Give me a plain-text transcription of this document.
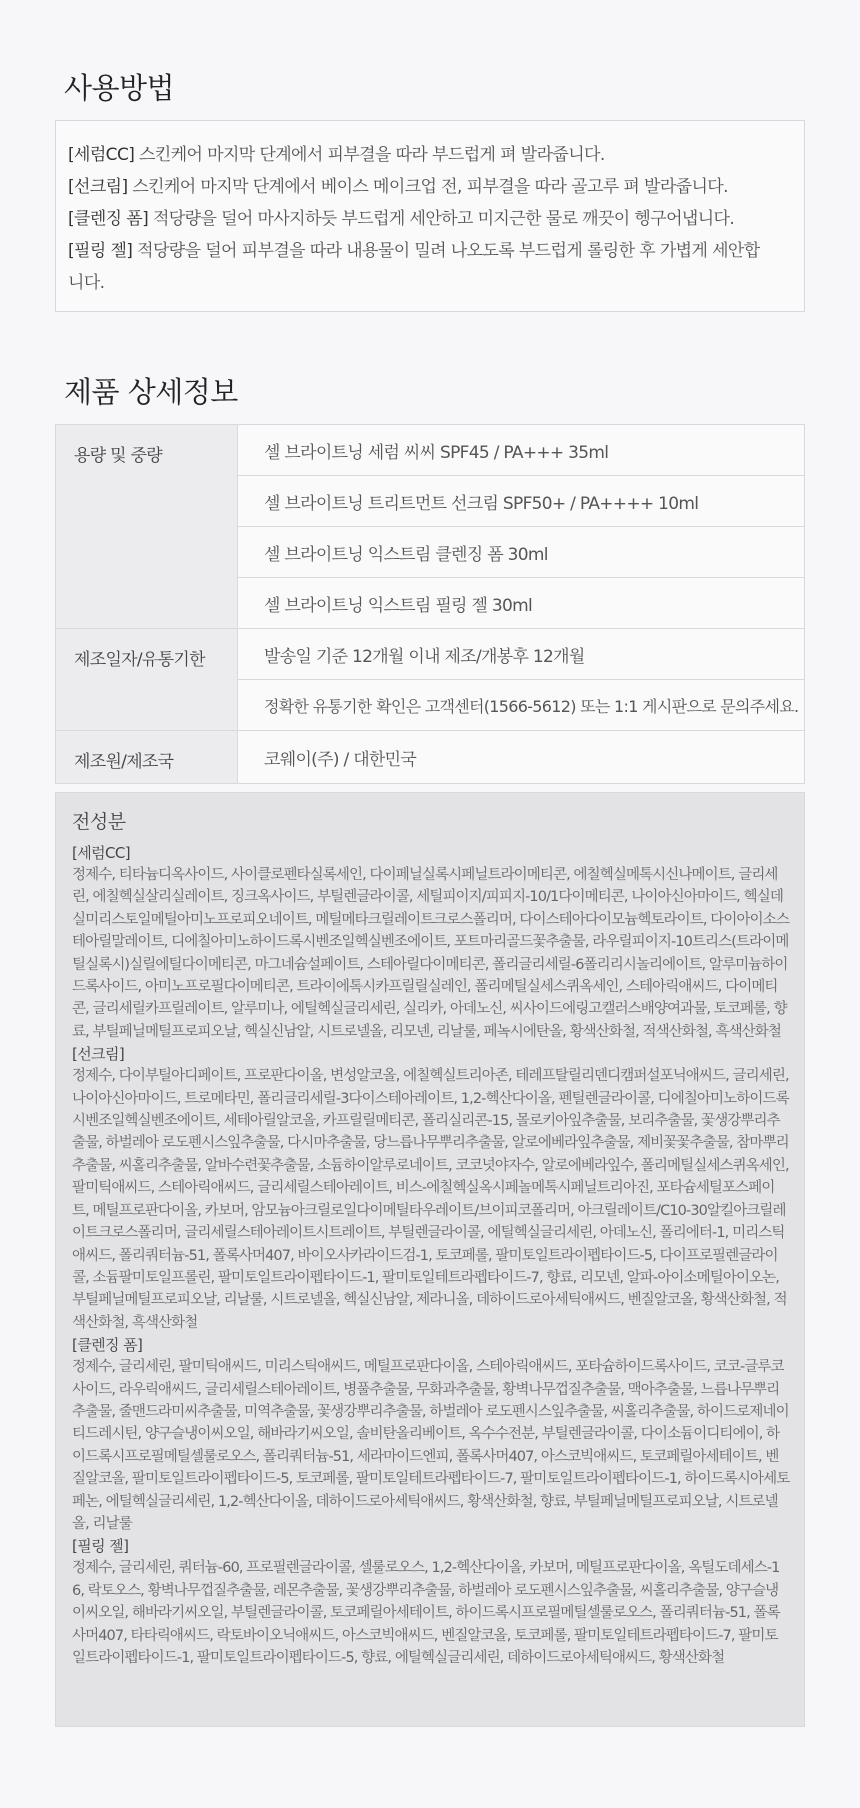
사용방법
[세럼CC] 스킨케어 마지막 단계에서 피부결을 따라 부드럽게 펴 발라줍니다.
[선크림] 스킨케어 마지막 단계에서 베이스 메이크업 전, 피부결을 따라 골고루 펴 발라줍니다.
[클렌징 폼] 적당량을 덜어 마사지하듯 부드럽게 세안하고 미지근한 물로 깨끗이 헹구어냅니다.
[필링 젤] 적당량을 덜어 피부결을 따라 내용물이 밀려 나오도록 부드럽게 롤링한 후 가볍게 세안합니다.
제품 상세정보
용량 및 중량	셀 브라이트닝 세럼 씨씨 SPF45 / PA+++ 35ml
	셀 브라이트닝 트리트먼트 선크림 SPF50+ / PA++++ 10ml
	셀 브라이트닝 익스트림 클렌징 폼 30ml
	셀 브라이트닝 익스트림 필링 젤 30ml
제조일자/유통기한	발송일 기준 12개월 이내 제조/개봉후 12개월
	정확한 유통기한 확인은 고객센터(1566-5612) 또는 1:1 게시판으로 문의주세요.
제조원/제조국	코웨이(주) / 대한민국
전성분
[세럼CC]
정제수, 티타늄디옥사이드, 사이클로펜타실록세인, 다이페닐실록시페닐트라이메티콘, 에칠헥실메톡시신나메이트, 글리세린, 에칠헥실살리실레이트, 징크옥사이드, 부틸렌글라이콜, 세틸피이지/피피지-10/1다이메티콘, 나이아신아마이드, 헥실데실미리스토일메틸아미노프로피오네이트, 메틸메타크릴레이트크로스폴리머, 다이스테아다이모늄헥토라이트, 다이아이소스테아릴말레이트, 디에칠아미노하이드록시벤조일헥실벤조에이트, 포트마리골드꽃추출물, 라우릴피이지-10트리스(트라이메틸실록시)실릴에틸다이메티콘, 마그네슘설페이트, 스테아릴다이메티콘, 폴리글리세릴-6폴리리시놀리에이트, 알루미늄하이드록사이드, 아미노프로필다이메티콘, 트라이에톡시카프릴릴실레인, 폴리메틸실세스퀴옥세인, 스테아릭애씨드, 다이메티콘, 글리세릴카프릴레이트, 알루미나, 에틸헥실글리세린, 실리카, 아데노신, 씨사이드에링고캘러스배양여과물, 토코페롤, 향료, 부틸페닐메틸프로피오날, 헥실신남알, 시트로넬올, 리모넨, 리날룰, 페녹시에탄올, 황색산화철, 적색산화철, 흑색산화철
[선크림]
정제수, 다이부틸아디페이트, 프로판다이올, 변성알코올, 에칠헥실트리아존, 테레프탈릴리덴디캠퍼설포닉애씨드, 글리세린, 나이아신아마이드, 트로메타민, 폴리글리세릴-3다이스테아레이트, 1,2-헥산다이올, 펜틸렌글라이콜, 디에칠아미노하이드록시벤조일헥실벤조에이트, 세테아릴알코올, 카프릴릴메티콘, 폴리실리콘-15, 몰로키아잎추출물, 보리추출물, 꽃생강뿌리추출물, 하벌레아 로도펜시스잎추출물, 다시마추출물, 당느릅나무뿌리추출물, 알로에베라잎추출물, 제비꽃꽃추출물, 참마뿌리추출물, 씨홀리추출물, 알바수련꽃추출물, 소듐하이알루로네이트, 코코넛야자수, 알로에베라잎수, 폴리메틸실세스퀴옥세인, 팔미틱애씨드, 스테아릭애씨드, 글리세릴스테아레이트, 비스-에칠헥실옥시페놀메톡시페닐트리아진, 포타슘세틸포스페이트, 메틸프로판다이올, 카보머, 암모늄아크릴로일다이메틸타우레이트/브이피코폴리머, 아크릴레이트/C10-30알킬아크릴레이트크로스폴리머, 글리세릴스테아레이트시트레이트, 부틸렌글라이콜, 에틸헥실글리세린, 아데노신, 폴리에터-1, 미리스틱애씨드, 폴리쿼터늄-51, 폴록사머407, 바이오사카라이드검-1, 토코페롤, 팔미토일트라이펩타이드-5, 다이프로필렌글라이콜, 소듐팔미토일프롤린, 팔미토일트라이펩타이드-1, 팔미토일테트라펩타이드-7, 향료, 리모넨, 알파-아이소메틸아이오논, 부틸페닐메틸프로피오날, 리날룰, 시트로넬올, 헥실신남알, 제라니올, 데하이드로아세틱애씨드, 벤질알코올, 황색산화철, 적색산화철, 흑색산화철
[클렌징 폼]
정제수, 글리세린, 팔미틱애씨드, 미리스틱애씨드, 메틸프로판다이올, 스테아릭애씨드, 포타슘하이드록사이드, 코코-글루코사이드, 라우릭애씨드, 글리세릴스테아레이트, 병풀추출물, 무화과추출물, 황벽나무껍질추출물, 맥아추출물, 느릅나무뿌리추출물, 줄맨드라미씨추출물, 미역추출물, 꽃생강뿌리추출물, 하벌레아 로도펜시스잎추출물, 씨홀리추출물, 하이드로제네이티드레시틴, 양구슬냉이씨오일, 해바라기씨오일, 솔비탄올리베이트, 옥수수전분, 부틸렌글라이콜, 다이소듐이디티에이, 하이드록시프로필메틸셀룰로오스, 폴리쿼터늄-51, 세라마이드엔피, 폴록사머407, 아스코빅애씨드, 토코페릴아세테이트, 벤질알코올, 팔미토일트라이펩타이드-5, 토코페롤, 팔미토일테트라펩타이드-7, 팔미토일트라이펩타이드-1, 하이드록시아세토페논, 에틸헥실글리세린, 1,2-헥산다이올, 데하이드로아세틱애씨드, 황색산화철, 향료, 부틸페닐메틸프로피오날, 시트로넬올, 리날룰
[필링 젤]
정제수, 글리세린, 쿼터늄-60, 프로필렌글라이콜, 셀룰로오스, 1,2-헥산다이올, 카보머, 메틸프로판다이올, 옥틸도데세스-16, 락토오스, 황벽나무껍질추출물, 레몬추출물, 꽃생강뿌리추출물, 하벌레아 로도펜시스잎추출물, 씨홀리추출물, 양구슬냉이씨오일, 해바라기씨오일, 부틸렌글라이콜, 토코페릴아세테이트, 하이드록시프로필메틸셀룰로오스, 폴리쿼터늄-51, 폴록사머407, 타타릭애씨드, 락토바이오닉애씨드, 아스코빅애씨드, 벤질알코올, 토코페롤, 팔미토일테트라펩타이드-7, 팔미토일트라이펩타이드-1, 팔미토일트라이펩타이드-5, 향료, 에틸헥실글리세린, 데하이드로아세틱애씨드, 황색산화철
